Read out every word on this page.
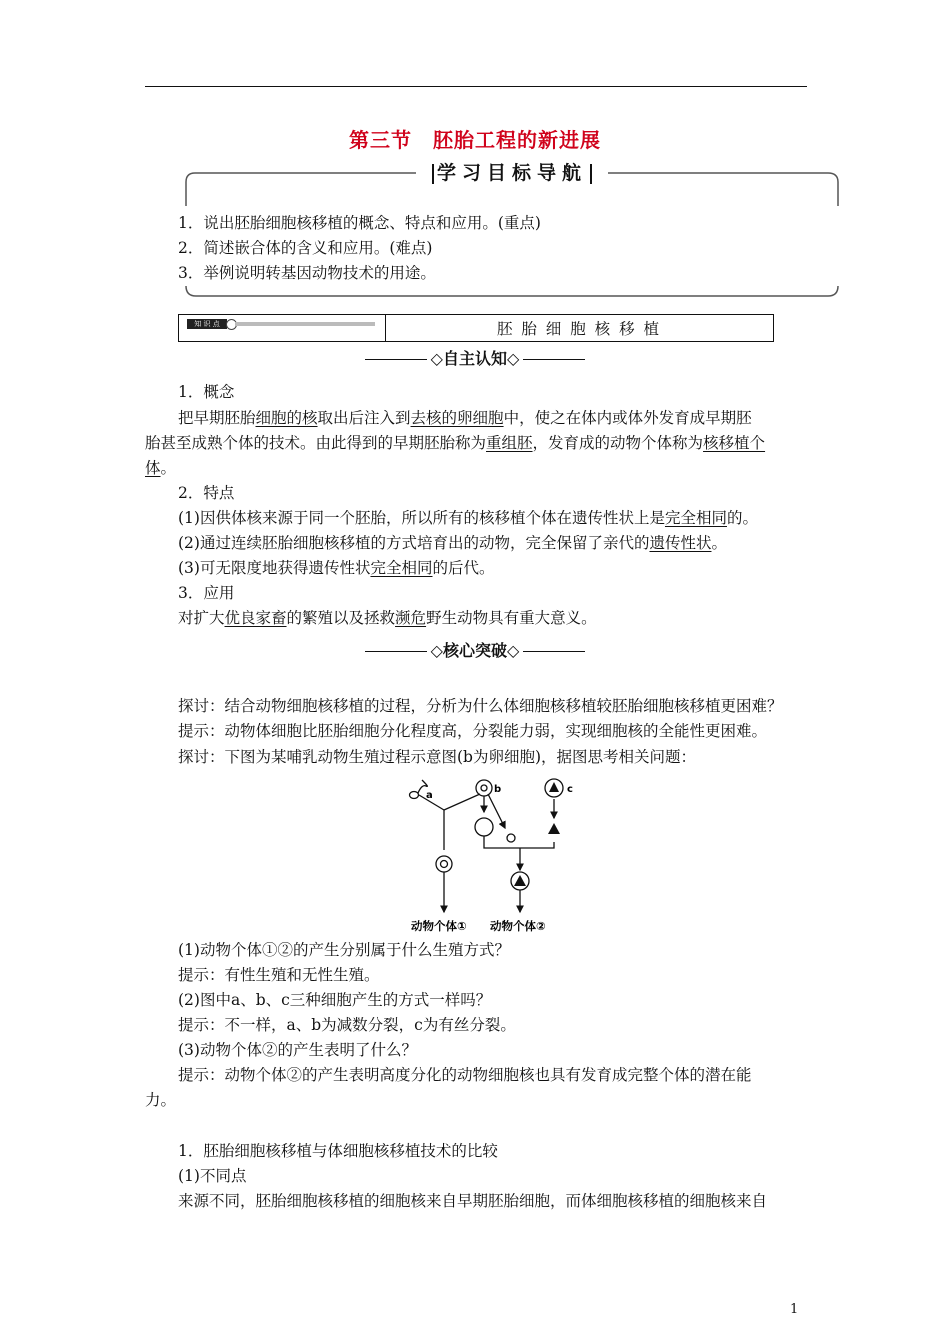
第三节　胚胎工程的新进展
学习目标导航
1．说出胚胎细胞核移植的概念、特点和应用。(重点)
2．简述嵌合体的含义和应用。(难点)
3．举例说明转基因动物技术的用途。
知 识 点	胚 胎 细 胞 核 移 植
◇自主认知◇
1．概念
把早期胚胎细胞的核取出后注入到去核的卵细胞中，使之在体内或体外发育成早期胚
胎甚至成熟个体的技术。由此得到的早期胚胎称为重组胚，发育成的动物个体称为核移植个
体。
2．特点
(1)因供体核来源于同一个胚胎，所以所有的核移植个体在遗传性状上是完全相同的。
(2)通过连续胚胎细胞核移植的方式培育出的动物，完全保留了亲代的遗传性状。
(3)可无限度地获得遗传性状完全相同的后代。
3．应用
对扩大优良家畜的繁殖以及拯救濒危野生动物具有重大意义。
◇核心突破◇
探讨：结合动物细胞核移植的过程，分析为什么体细胞核移植较胚胎细胞核移植更困难？
提示：动物体细胞比胚胎细胞分化程度高，分裂能力弱，实现细胞核的全能性更困难。
探讨：下图为某哺乳动物生殖过程示意图(b为卵细胞)，据图思考相关问题：
a
b	c
动物个体① 动物个体②
(1)动物个体①②的产生分别属于什么生殖方式？
提示：有性生殖和无性生殖。
(2)图中a、b、c三种细胞产生的方式一样吗？
提示：不一样，a、b为减数分裂，c为有丝分裂。
(3)动物个体②的产生表明了什么？
提示：动物个体②的产生表明高度分化的动物细胞核也具有发育成完整个体的潜在能
力。
1．胚胎细胞核移植与体细胞核移植技术的比较
(1)不同点
来源不同，胚胎细胞核移植的细胞核来自早期胚胎细胞，而体细胞核移植的细胞核来自
1
